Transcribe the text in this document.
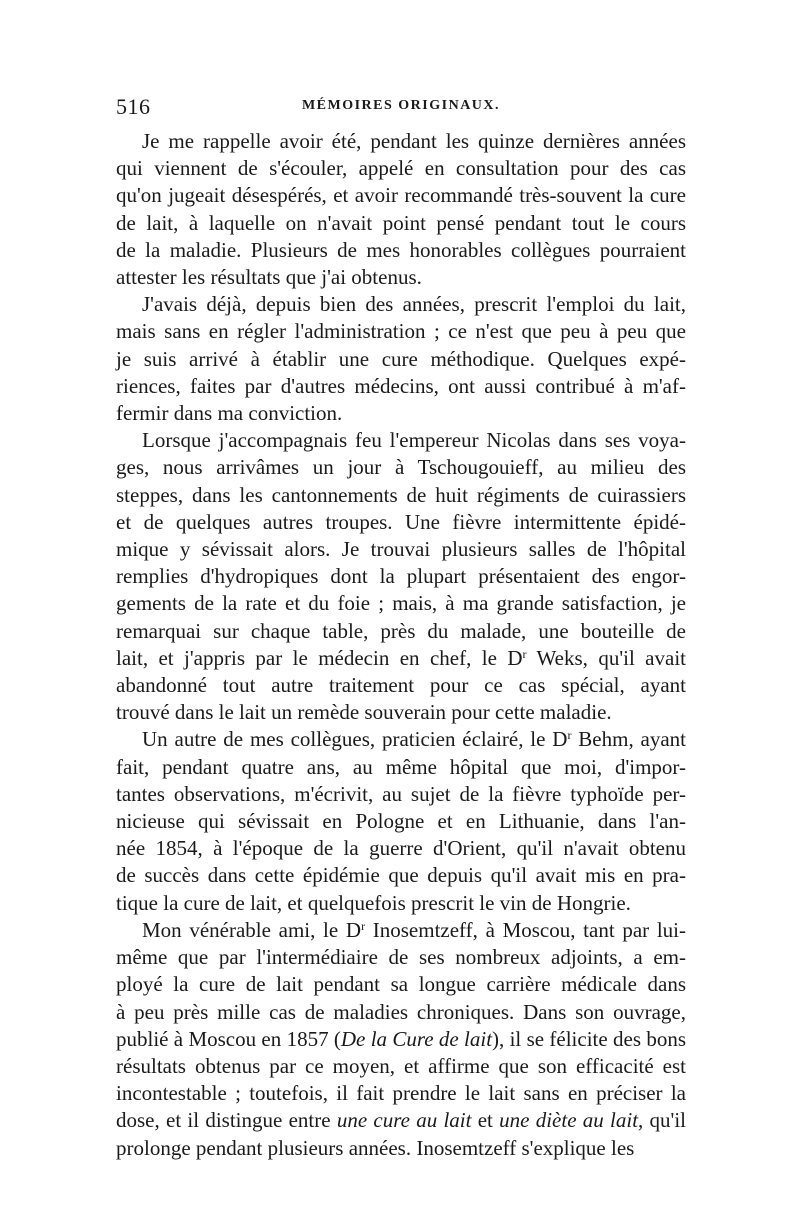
516	MÉMOIRES ORIGINAUX.
Je me rappelle avoir été, pendant les quinze dernières années
qui viennent de s'écouler, appelé en consultation pour des cas
qu'on jugeait désespérés, et avoir recommandé très-souvent la cure
de lait, à laquelle on n'avait point pensé pendant tout le cours
de la maladie. Plusieurs de mes honorables collègues pourraient
attester les résultats que j'ai obtenus.
J'avais déjà, depuis bien des années, prescrit l'emploi du lait,
mais sans en régler l'administration ; ce n'est que peu à peu que
je suis arrivé à établir une cure méthodique. Quelques expé-
riences, faites par d'autres médecins, ont aussi contribué à m'af-
fermir dans ma conviction.
Lorsque j'accompagnais feu l'empereur Nicolas dans ses voya-
ges, nous arrivâmes un jour à Tschougouieff, au milieu des
steppes, dans les cantonnements de huit régiments de cuirassiers
et de quelques autres troupes. Une fièvre intermittente épidé-
mique y sévissait alors. Je trouvai plusieurs salles de l'hôpital
remplies d'hydropiques dont la plupart présentaient des engor-
gements de la rate et du foie ; mais, à ma grande satisfaction, je
remarquai sur chaque table, près du malade, une bouteille de
lait, et j'appris par le médecin en chef, le $D^r$ Weks, qu'il avait
abandonné tout autre traitement pour ce cas spécial, ayant
trouvé dans le lait un remède souverain pour cette maladie.
Un autre de mes collègues, praticien éclairé, le $D^r$ Behm, ayant
fait, pendant quatre ans, au même hôpital que moi, d'impor-
tantes observations, m'écrivit, au sujet de la fièvre typhoïde per-
nicieuse qui sévissait en Pologne et en Lithuanie, dans l'an-
née 1854, à l'époque de la guerre d'Orient, qu'il n'avait obtenu
de succès dans cette épidémie que depuis qu'il avait mis en pra-
tique la cure de lait, et quelquefois prescrit le vin de Hongrie.
Mon vénérable ami, le $D^r$ Inosemtzeff, à Moscou, tant par lui-
même que par l'intermédiaire de ses nombreux adjoints, a em-
ployé la cure de lait pendant sa longue carrière médicale dans
à peu près mille cas de maladies chroniques. Dans son ouvrage,
publié à Moscou en 1857 (De la Cure de lait), il se félicite des bons
résultats obtenus par ce moyen, et affirme que son efficacité est
incontestable ; toutefois, il fait prendre le lait sans en préciser la
dose, et il distingue entre une cure au lait et une diète au lait, qu'il
prolonge pendant plusieurs années. Inosemtzeff s'explique les
